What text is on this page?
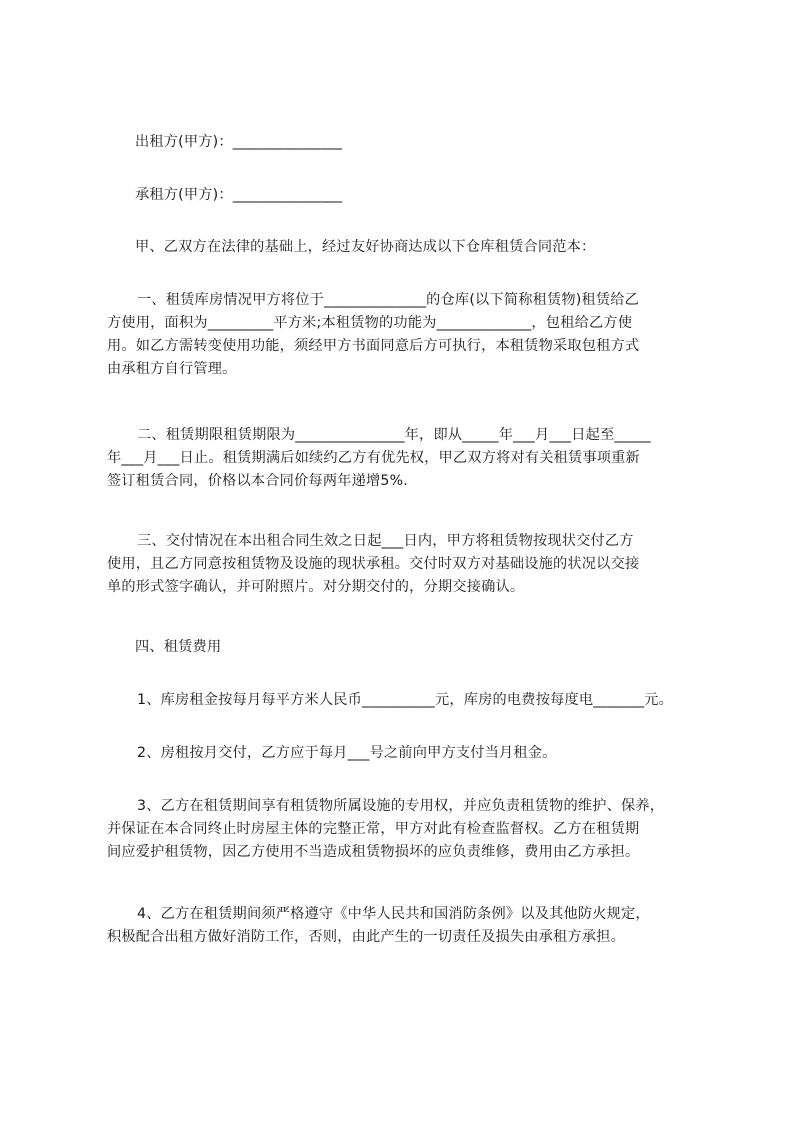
出租方(甲方)：_______________

承租方(甲方)：_______________

甲、乙双方在法律的基础上，经过友好协商达成以下仓库租赁合同范本：

一、租赁库房情况甲方将位于______________的仓库(以下简称租赁物)租赁给乙
方使用，面积为_________平方米;本租赁物的功能为_____________，包租给乙方使
用。如乙方需转变使用功能，须经甲方书面同意后方可执行，本租赁物采取包租方式
由承租方自行管理。

二、租赁期限租赁期限为_______________年，即从_____年___月___日起至_____
年___月___日止。租赁期满后如续约乙方有优先权，甲乙双方将对有关租赁事项重新
签订租赁合同，价格以本合同价每两年递增5%.

三、交付情况在本出租合同生效之日起___日内，甲方将租赁物按现状交付乙方
使用，且乙方同意按租赁物及设施的现状承租。交付时双方对基础设施的状况以交接
单的形式签字确认，并可附照片。对分期交付的，分期交接确认。

四、租赁费用

1、库房租金按每月每平方米人民币__________元，库房的电费按每度电_______元。

2、房租按月交付，乙方应于每月___号之前向甲方支付当月租金。

3、乙方在租赁期间享有租赁物所属设施的专用权，并应负责租赁物的维护、保养，
并保证在本合同终止时房屋主体的完整正常，甲方对此有检查监督权。乙方在租赁期
间应爱护租赁物，因乙方使用不当造成租赁物损坏的应负责维修，费用由乙方承担。

4、乙方在租赁期间须严格遵守《中华人民共和国消防条例》以及其他防火规定，
积极配合出租方做好消防工作，否则，由此产生的一切责任及损失由承租方承担。
